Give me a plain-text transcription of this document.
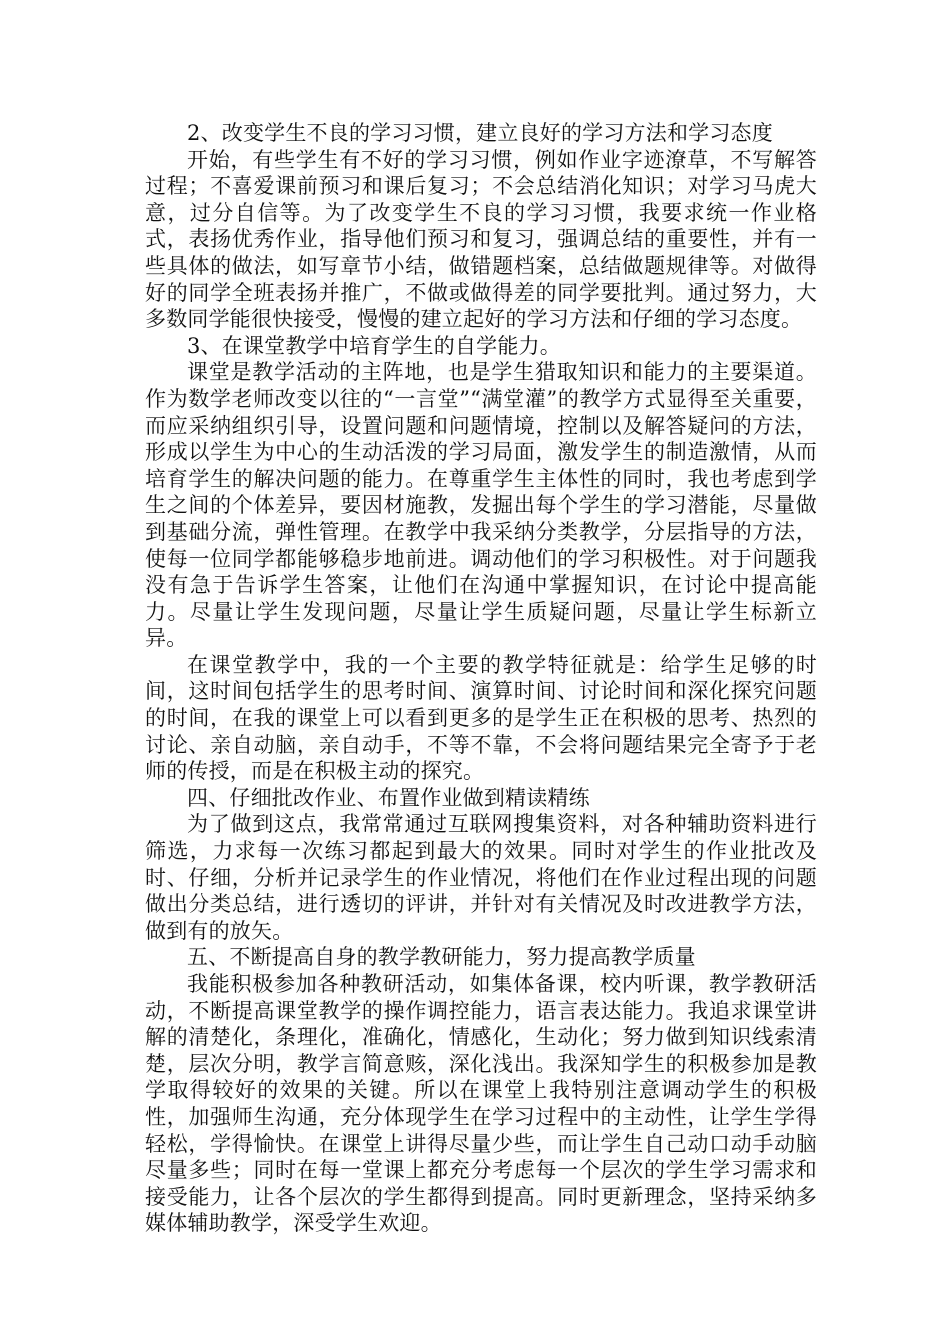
2、改变学生不良的学习习惯，建立良好的学习方法和学习态度

开始，有些学生有不好的学习习惯，例如作业字迹潦草，不写解答过程；不喜爱课前预习和课后复习；不会总结消化知识；对学习马虎大意，过分自信等。为了改变学生不良的学习习惯，我要求统一作业格式，表扬优秀作业，指导他们预习和复习，强调总结的重要性，并有一些具体的做法，如写章节小结，做错题档案，总结做题规律等。对做得好的同学全班表扬并推广，不做或做得差的同学要批判。通过努力，大多数同学能很快接受，慢慢的建立起好的学习方法和仔细的学习态度。

3、在课堂教学中培育学生的自学能力。

课堂是教学活动的主阵地，也是学生猎取知识和能力的主要渠道。作为数学老师改变以往的“一言堂”“满堂灌”的教学方式显得至关重要，而应采纳组织引导，设置问题和问题情境，控制以及解答疑问的方法，形成以学生为中心的生动活泼的学习局面，激发学生的制造激情，从而培育学生的解决问题的能力。在尊重学生主体性的同时，我也考虑到学生之间的个体差异，要因材施教，发掘出每个学生的学习潜能，尽量做到基础分流，弹性管理。在教学中我采纳分类教学，分层指导的方法，使每一位同学都能够稳步地前进。调动他们的学习积极性。对于问题我没有急于告诉学生答案，让他们在沟通中掌握知识，在讨论中提高能力。尽量让学生发现问题，尽量让学生质疑问题，尽量让学生标新立异。

在课堂教学中，我的一个主要的教学特征就是：给学生足够的时间，这时间包括学生的思考时间、演算时间、讨论时间和深化探究问题的时间，在我的课堂上可以看到更多的是学生正在积极的思考、热烈的讨论、亲自动脑，亲自动手，不等不靠，不会将问题结果完全寄予于老师的传授，而是在积极主动的探究。

四、仔细批改作业、布置作业做到精读精练

为了做到这点，我常常通过互联网搜集资料，对各种辅助资料进行筛选，力求每一次练习都起到最大的效果。同时对学生的作业批改及时、仔细，分析并记录学生的作业情况，将他们在作业过程出现的问题做出分类总结，进行透切的评讲，并针对有关情况及时改进教学方法，做到有的放矢。

五、不断提高自身的教学教研能力，努力提高教学质量

我能积极参加各种教研活动，如集体备课，校内听课，教学教研活动，不断提高课堂教学的操作调控能力，语言表达能力。我追求课堂讲解的清楚化，条理化，准确化，情感化，生动化；努力做到知识线索清楚，层次分明，教学言简意赅，深化浅出。我深知学生的积极参加是教学取得较好的效果的关键。所以在课堂上我特别注意调动学生的积极性，加强师生沟通，充分体现学生在学习过程中的主动性，让学生学得轻松，学得愉快。在课堂上讲得尽量少些，而让学生自己动口动手动脑尽量多些；同时在每一堂课上都充分考虑每一个层次的学生学习需求和接受能力，让各个层次的学生都得到提高。同时更新理念，坚持采纳多媒体辅助教学，深受学生欢迎。
